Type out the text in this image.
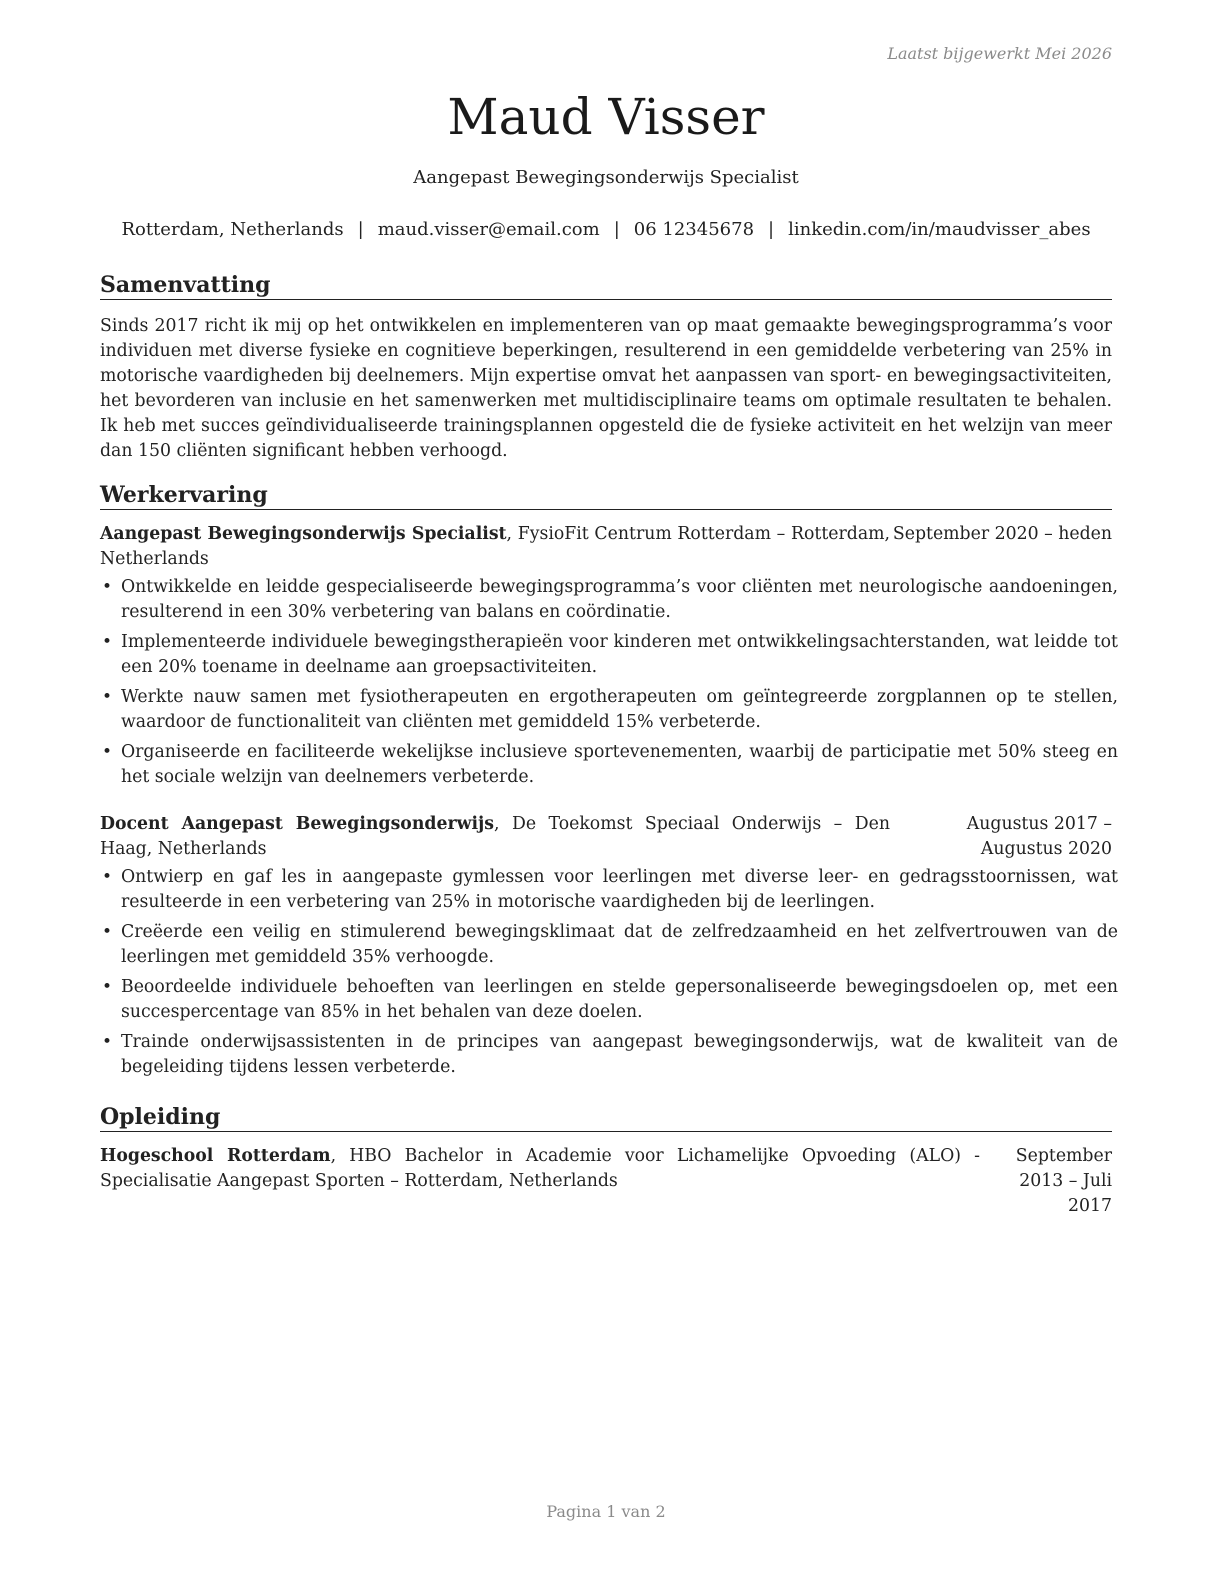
Laatst bijgewerkt Mei 2026
Maud Visser
Aangepast Bewegingsonderwijs Specialist
Rotterdam, Netherlands | maud.visser@email.com | 06 12345678 | linkedin.com/in/maudvisser_abes
Samenvatting

Sinds 2017 richt ik mij op het ontwikkelen en implementeren van op maat gemaakte bewegingsprogramma’s voor individuen met diverse fysieke en cognitieve beperkingen, resulterend in een gemiddelde verbetering van 25% in motorische vaardigheden bij deelnemers. Mijn expertise omvat het aanpassen van sport- en bewegingsactiviteiten, het bevorderen van inclusie en het samenwerken met multidisciplinaire teams om optimale resultaten te behalen. Ik heb met succes geïndividualiseerde trainingsplannen opgesteld die de fysieke activiteit en het welzijn van meer dan 150 cliënten significant hebben verhoogd.

Werkervaring
Aangepast Bewegingsonderwijs Specialist, FysioFit Centrum Rotterdam – Rotterdam, Netherlands
September 2020 – heden
• Ontwikkelde en leidde gespecialiseerde bewegingsprogramma’s voor cliënten met neurologische aandoeningen, resulterend in een 30% verbetering van balans en coördinatie.
• Implementeerde individuele bewegingstherapieën voor kinderen met ontwikkelingsachterstanden, wat leidde tot een 20% toename in deelname aan groepsactiviteiten.
• Werkte nauw samen met fysiotherapeuten en ergotherapeuten om geïntegreerde zorgplannen op te stellen, waardoor de functionaliteit van cliënten met gemiddeld 15% verbeterde.
• Organiseerde en faciliteerde wekelijkse inclusieve sportevenementen, waarbij de participatie met 50% steeg en het sociale welzijn van deelnemers verbeterde.
Docent Aangepast Bewegingsonderwijs, De Toekomst Speciaal Onderwijs – Den Haag, Netherlands
Augustus 2017 – Augustus 2020
• Ontwierp en gaf les in aangepaste gymlessen voor leerlingen met diverse leer- en gedragsstoornissen, wat resulteerde in een verbetering van 25% in motorische vaardigheden bij de leerlingen.
• Creëerde een veilig en stimulerend bewegingsklimaat dat de zelfredzaamheid en het zelfvertrouwen van de leerlingen met gemiddeld 35% verhoogde.
• Beoordeelde individuele behoeften van leerlingen en stelde gepersonaliseerde bewegingsdoelen op, met een succespercentage van 85% in het behalen van deze doelen.
• Trainde onderwijsassistenten in de principes van aangepast bewegingsonderwijs, wat de kwaliteit van de begeleiding tijdens lessen verbeterde.
Opleiding
Hogeschool Rotterdam, HBO Bachelor in Academie voor Lichamelijke Opvoeding (ALO) - Specialisatie Aangepast Sporten – Rotterdam, Netherlands
September 2013 – Juli 2017
Pagina 1 van 2
